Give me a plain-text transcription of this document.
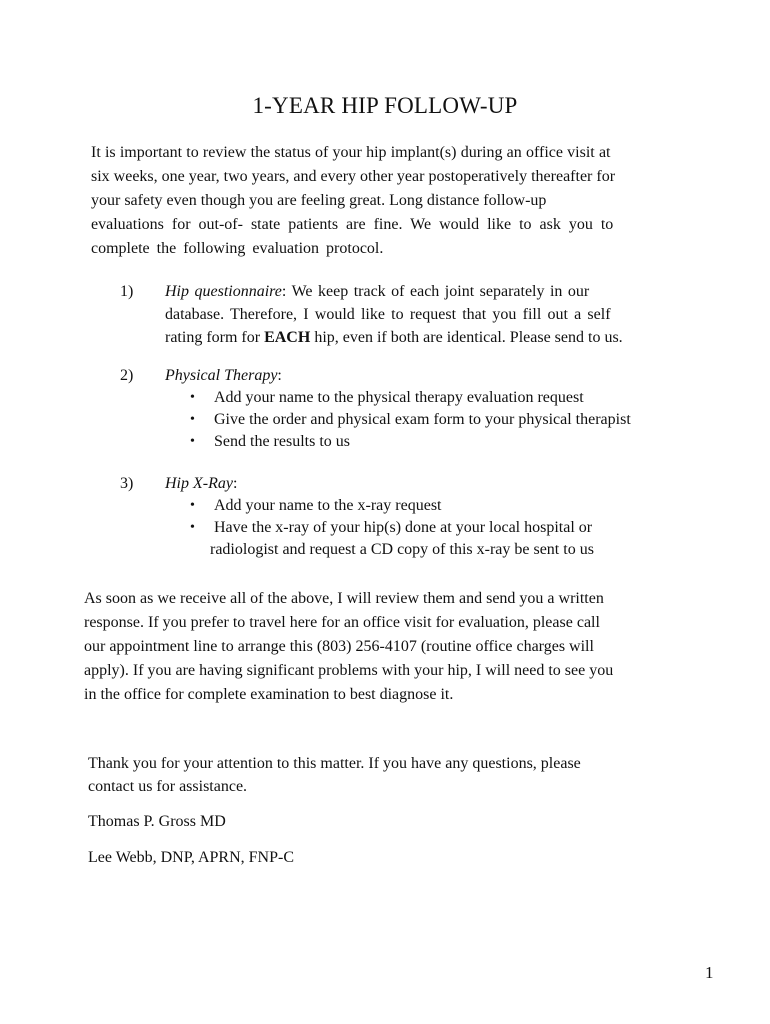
1-YEAR HIP FOLLOW-UP
It is important to review the status of your hip implant(s) during an office visit at
six weeks, one year, two years, and every other year postoperatively thereafter for
your safety even though you are feeling great. Long distance follow-up
evaluations for out-of- state patients are fine. We would like to ask you to
complete the following evaluation protocol.
1) Hip questionnaire: We keep track of each joint separately in our
database. Therefore, I would like to request that you fill out a self
rating form for EACH hip, even if both are identical. Please send to us.
2) Physical Therapy:
• Add your name to the physical therapy evaluation request
• Give the order and physical exam form to your physical therapist
• Send the results to us
3) Hip X-Ray:
• Add your name to the x-ray request
• Have the x-ray of your hip(s) done at your local hospital or
radiologist and request a CD copy of this x-ray be sent to us
As soon as we receive all of the above, I will review them and send you a written
response. If you prefer to travel here for an office visit for evaluation, please call
our appointment line to arrange this (803) 256-4107 (routine office charges will
apply). If you are having significant problems with your hip, I will need to see you
in the office for complete examination to best diagnose it.
Thank you for your attention to this matter. If you have any questions, please
contact us for assistance.
Thomas P. Gross MD
Lee Webb, DNP, APRN, FNP-C
1
